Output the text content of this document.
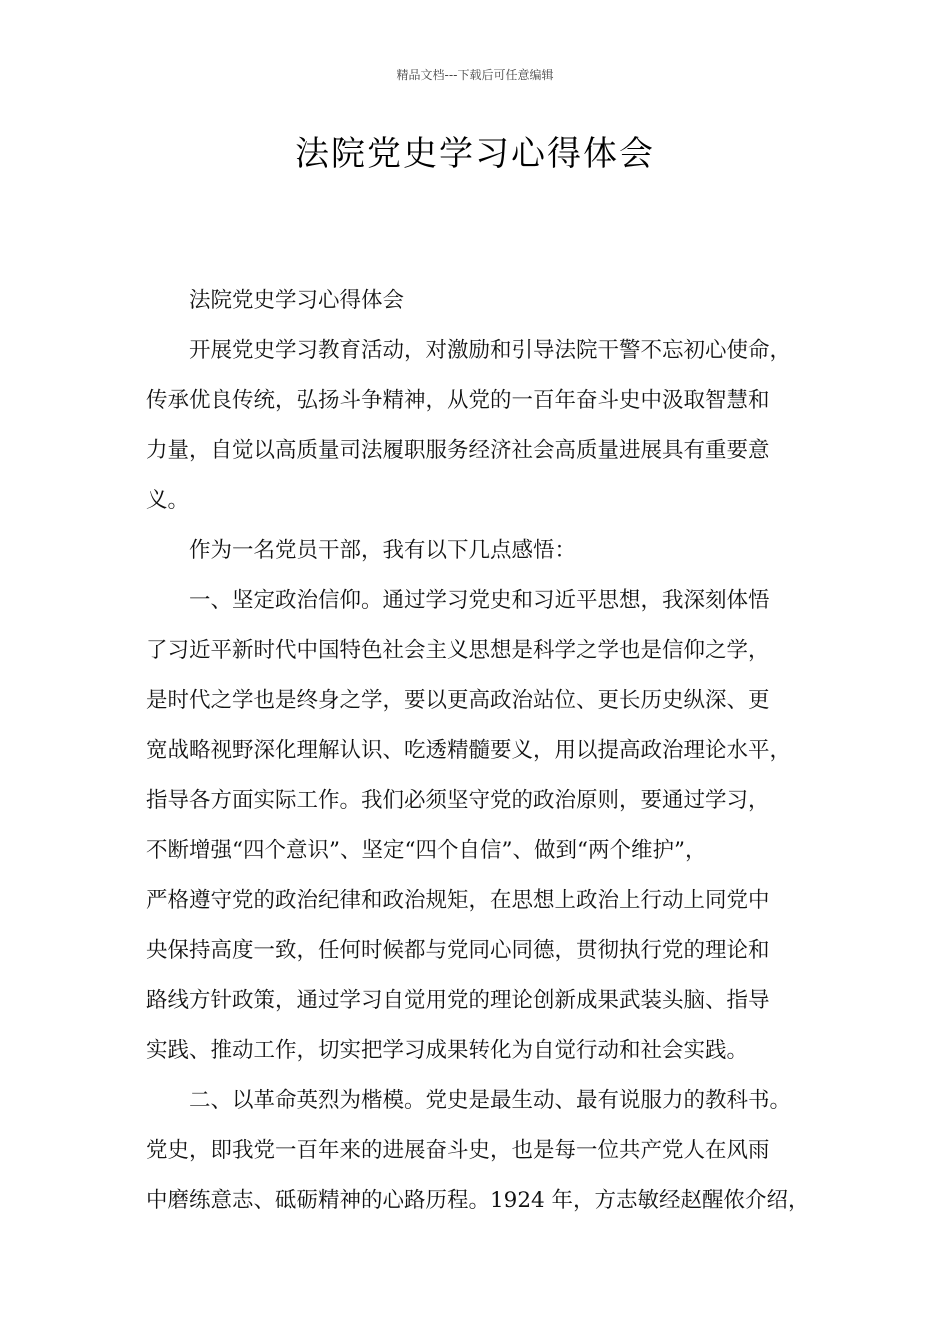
精品文档---下载后可任意编辑
法院党史学习心得体会
法院党史学习心得体会
开展党史学习教育活动，对激励和引导法院干警不忘初心使命，
传承优良传统，弘扬斗争精神，从党的一百年奋斗史中汲取智慧和
力量，自觉以高质量司法履职服务经济社会高质量进展具有重要意
义。
作为一名党员干部，我有以下几点感悟：
一、坚定政治信仰。通过学习党史和习近平思想，我深刻体悟
了习近平新时代中国特色社会主义思想是科学之学也是信仰之学，
是时代之学也是终身之学，要以更高政治站位、更长历史纵深、更
宽战略视野深化理解认识、吃透精髓要义，用以提高政治理论水平，
指导各方面实际工作。我们必须坚守党的政治原则，要通过学习，
不断增强“四个意识”、坚定“四个自信”、做到“两个维护”，
严格遵守党的政治纪律和政治规矩，在思想上政治上行动上同党中
央保持高度一致，任何时候都与党同心同德，贯彻执行党的理论和
路线方针政策，通过学习自觉用党的理论创新成果武装头脑、指导
实践、推动工作，切实把学习成果转化为自觉行动和社会实践。
二、以革命英烈为楷模。党史是最生动、最有说服力的教科书。
党史，即我党一百年来的进展奋斗史，也是每一位共产党人在风雨
中磨练意志、砥砺精神的心路历程。1924 年，方志敏经赵醒侬介绍，
